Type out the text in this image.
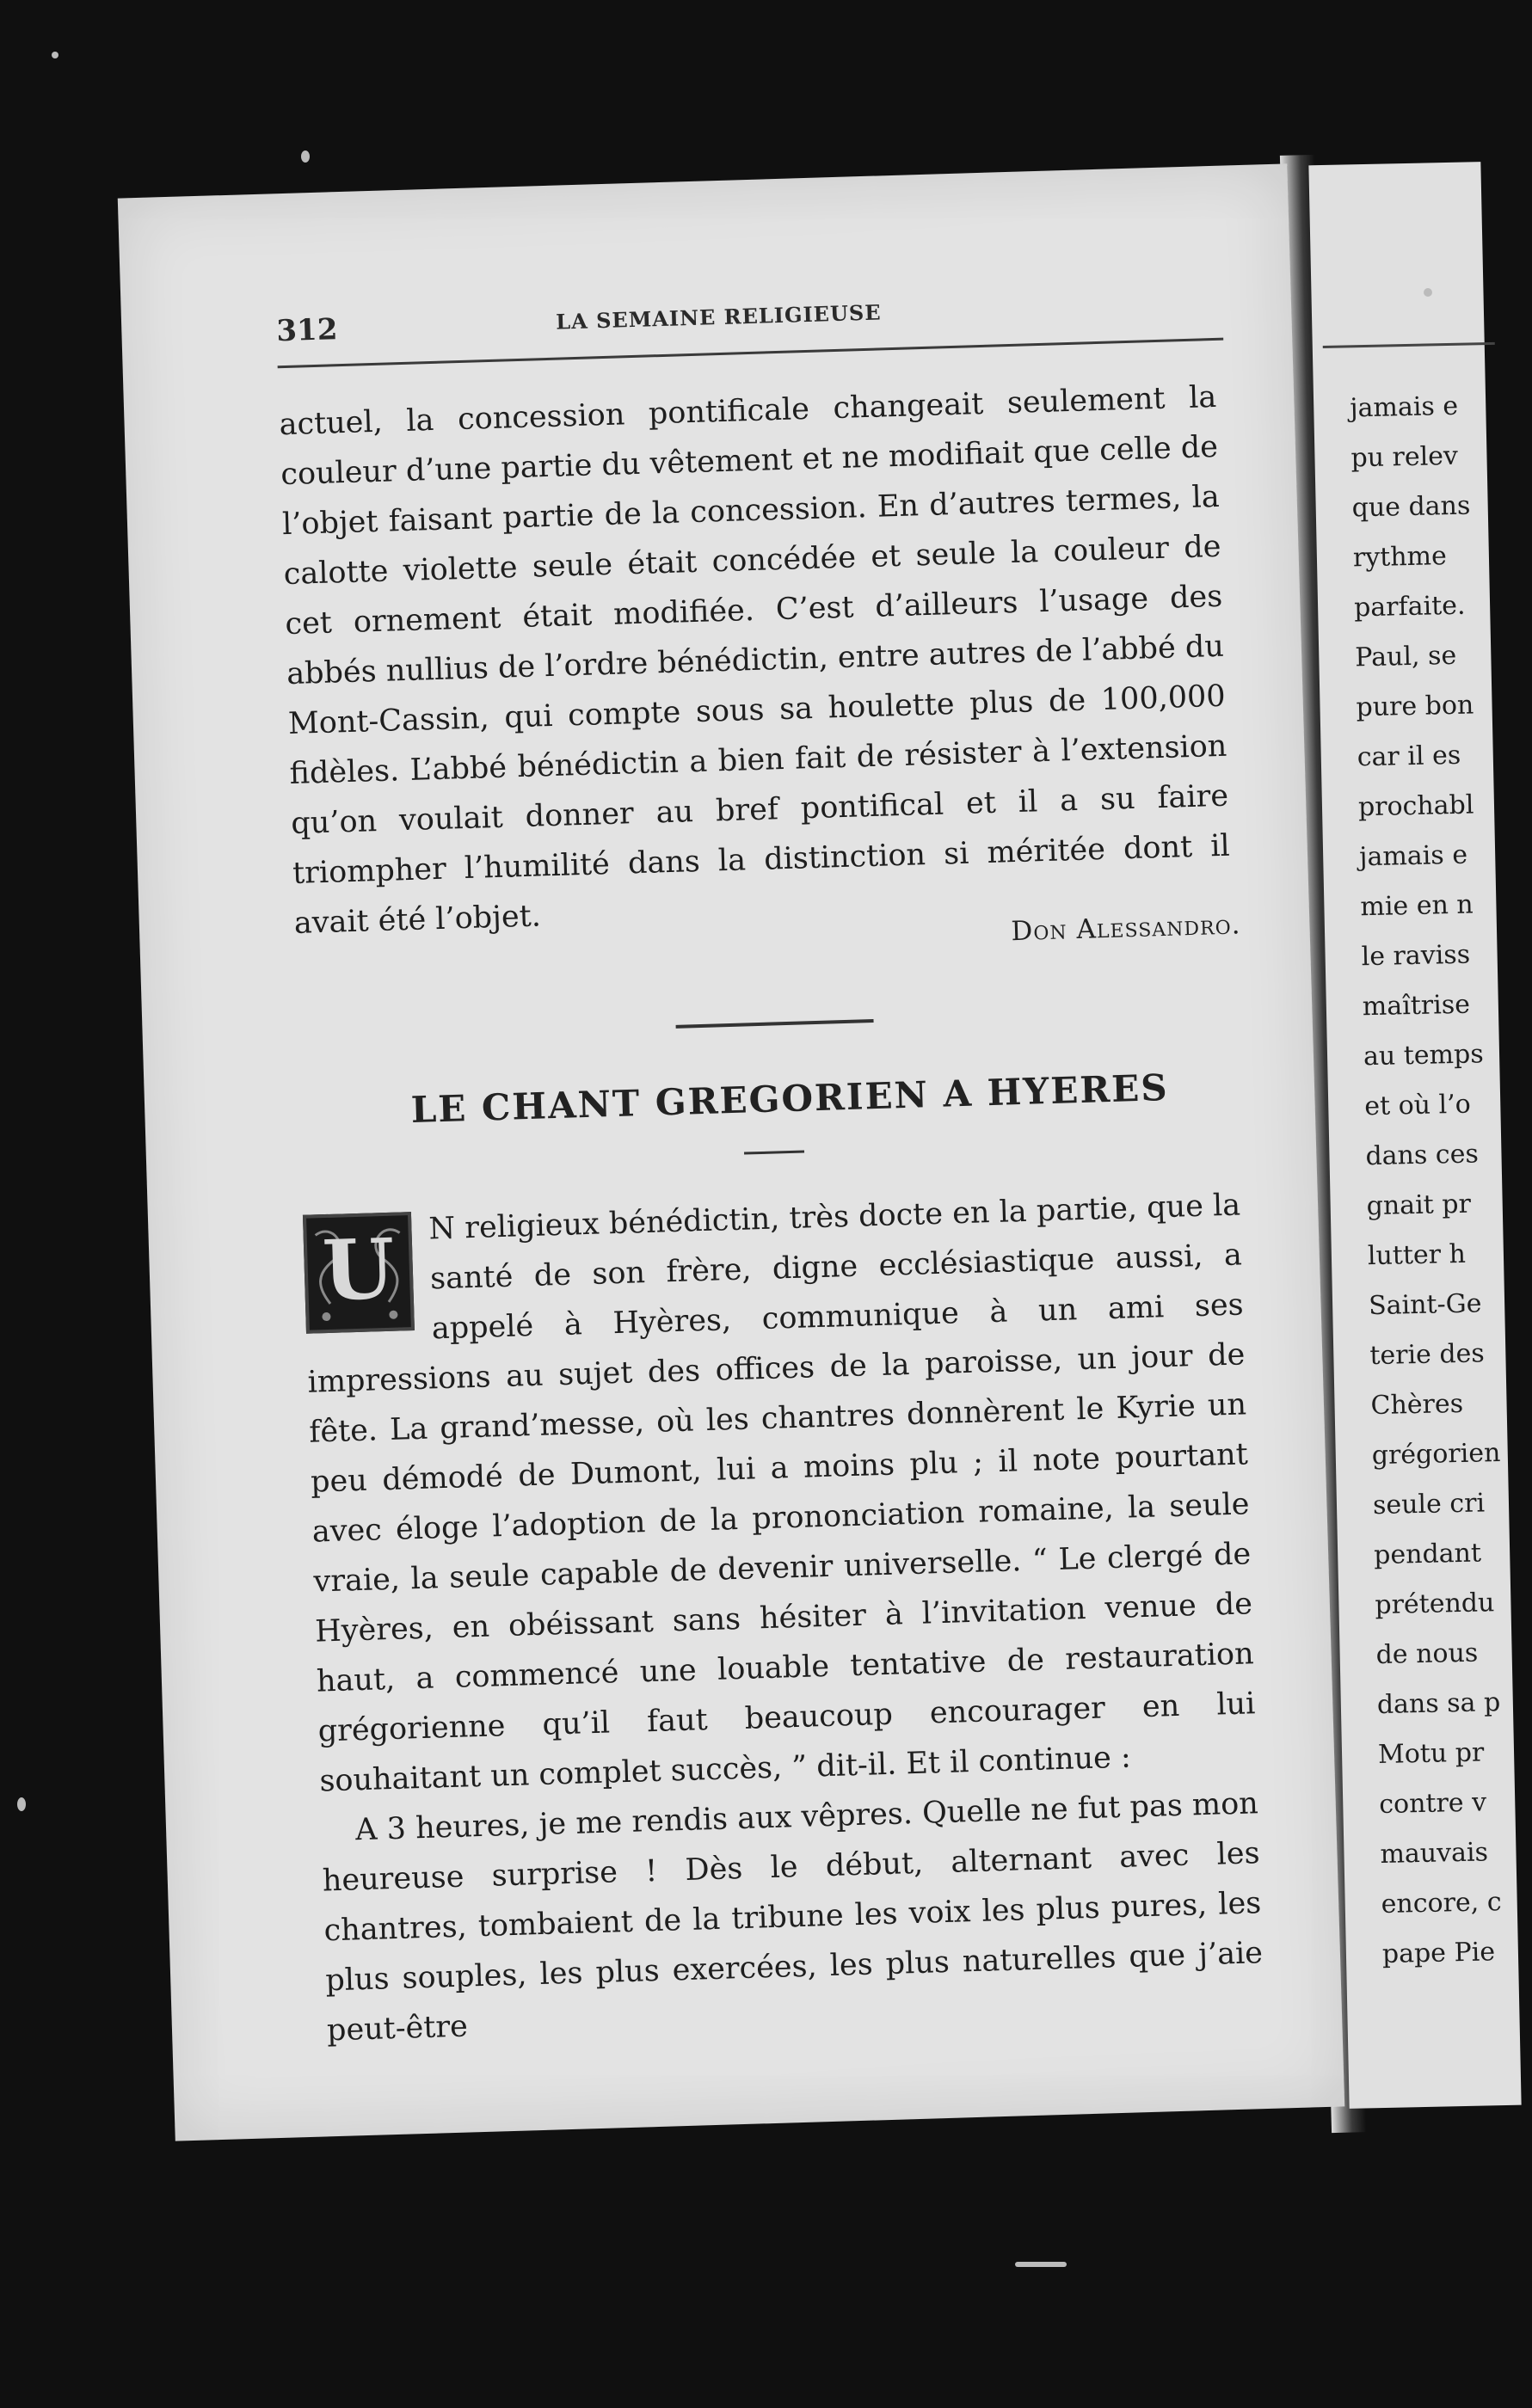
312	LA SEMAINE RELIGIEUSE

actuel, la concession pontificale changeait seulement la couleur d’une partie du vêtement et ne modifiait que celle de l’objet faisant partie de la concession. En d’autres termes, la calotte violette seule était concédée et seule la couleur de cet ornement était modifiée. C’est d’ailleurs l’usage des abbés nullius de l’ordre bénédictin, entre autres de l’abbé du Mont-Cassin, qui compte sous sa houlette plus de 100,000 fidèles. L’abbé bénédictin a bien fait de résister à l’extension qu’on voulait donner au bref pontifical et il a su faire triompher l’humilité dans la distinction si méritée dont il avait été l’objet.	Don Alessandro.
LE CHANT GREGORIEN A HYERES
U

N religieux bénédictin, très docte en la partie, que la santé de son frère, digne ecclésiastique aussi, a appelé à Hyères, communique à un ami ses impressions au sujet des offices de la paroisse, un jour de fête. La grand’messe, où les chantres donnèrent le Kyrie un peu démodé de Dumont, lui a moins plu ; il note pourtant avec éloge l’adoption de la prononciation romaine, la seule vraie, la seule capable de devenir universelle. “ Le clergé de Hyères, en obéissant sans hésiter à l’invitation venue de haut, a commencé une louable tentative de restauration grégorienne qu’il faut beaucoup encourager en lui souhaitant un complet succès, ” dit-il. Et il continue :

A 3 heures, je me rendis aux vêpres. Quelle ne fut pas mon heureuse surprise ! Dès le début, alternant avec les chantres, tombaient de la tribune les voix les plus pures, les plus souples, les plus exercées, les plus naturelles que j’aie peut-être

jamais e
pu relev
que dans
rythme
parfaite.
Paul, se
pure bon
car il es
prochabl
jamais e
mie en n
le raviss
maîtrise
au temps
et où l’o
dans ces
gnait pr
lutter h
Saint-Ge
terie des
Chères
grégorien
seule cri
pendant
prétendu
de nous
dans sa p
Motu pr
contre v
mauvais
encore, c
pape Pie
